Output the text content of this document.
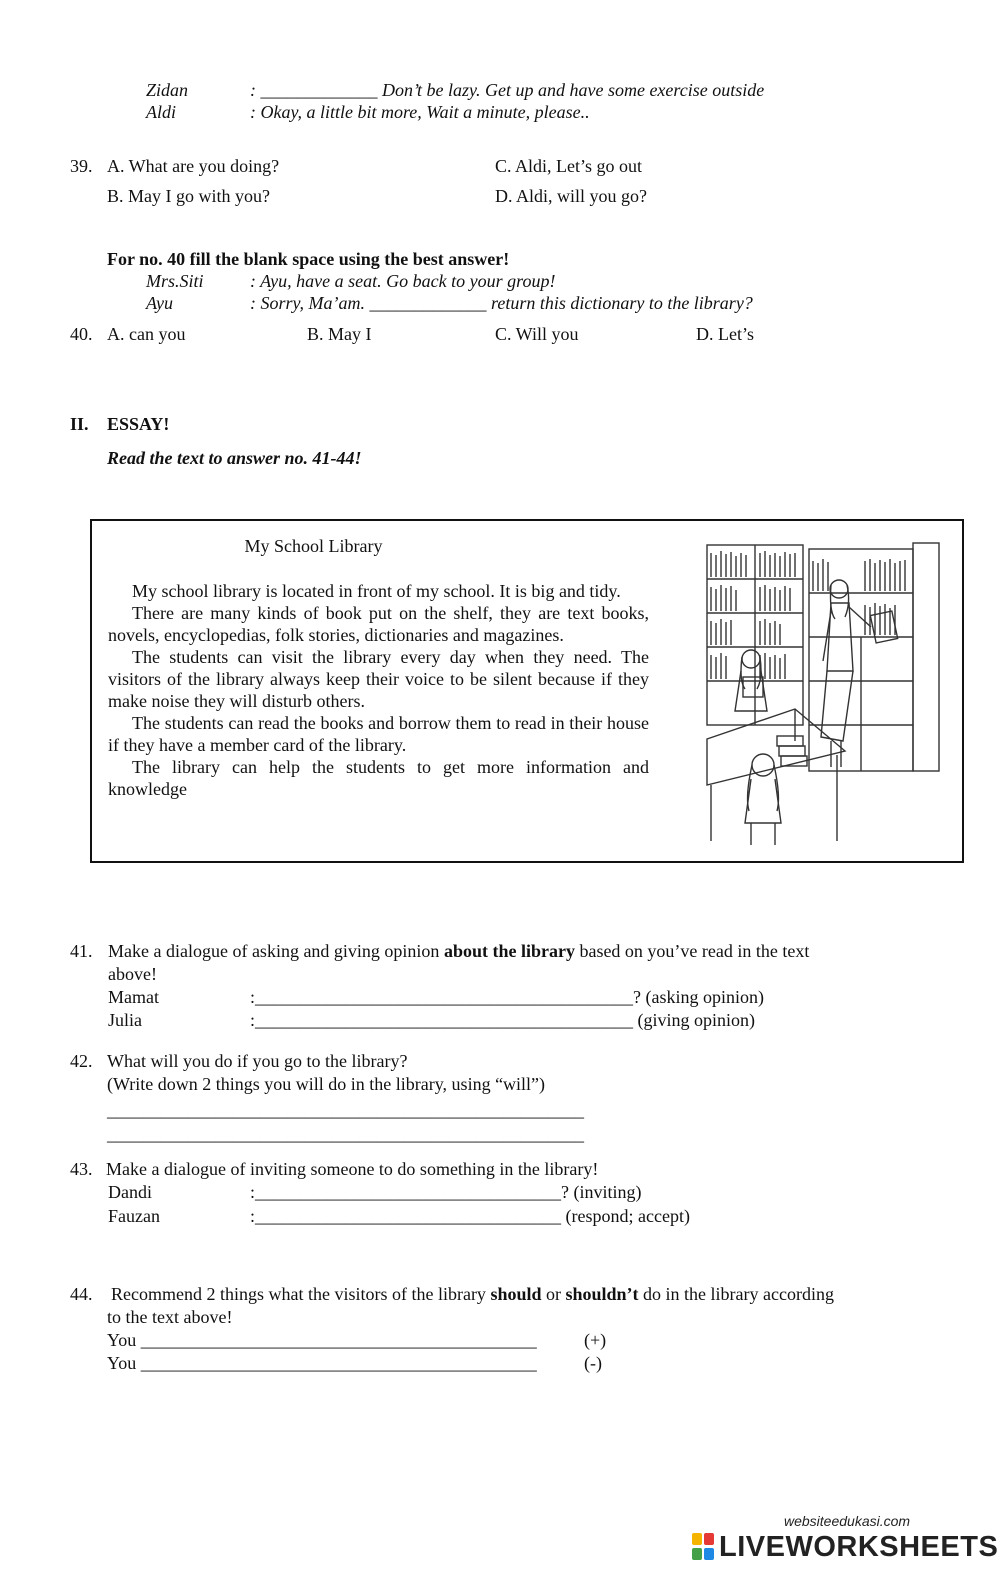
Zidan	: _____________ Don’t be lazy. Get up and have some exercise outside
Aldi	: Okay, a little bit more, Wait a minute, please..
39. A. What are you doing?	C. Aldi, Let’s go out
B. May I go with you?	D. Aldi, will you go?
For no. 40 fill the blank space using the best answer!
Mrs.Siti	: Ayu, have a seat. Go back to your group!
Ayu	: Sorry, Ma’am. _____________ return this dictionary to the library?
40. A. can you	B. May I	C. Will you	D. Let’s
II. ESSAY!
Read the text to answer no. 41-44!
My School Library

My school library is located in front of my school. It is big and tidy.

There are many kinds of book put on the shelf, they are text books, novels, encyclopedias, folk stories, dictionaries and magazines.

The students can visit the library every day when they need. The visitors of the library always keep their voice to be silent because if they make noise they will disturb others.

The students can read the books and borrow them to read in their house if they have a member card of the library.

The library can help the students to get more information and knowledge

41. Make a dialogue of asking and giving opinion about the library based on you’ve read in the text
above!
Mamat	:__________________________________________? (asking opinion)
Julia	:__________________________________________ (giving opinion)
42. What will you do if you go to the library?
(Write down 2 things you will do in the library, using “will”)
_____________________________________________________
_____________________________________________________
43. Make a dialogue of inviting someone to do something in the library!
Dandi	:__________________________________? (inviting)
Fauzan	:__________________________________ (respond; accept)
44. Recommend 2 things what the visitors of the library should or shouldn’t do in the library according
to the text above!
You ____________________________________________	(+)
You ____________________________________________	(-)
websiteedukasi.com
LIVEWORKSHEETS
